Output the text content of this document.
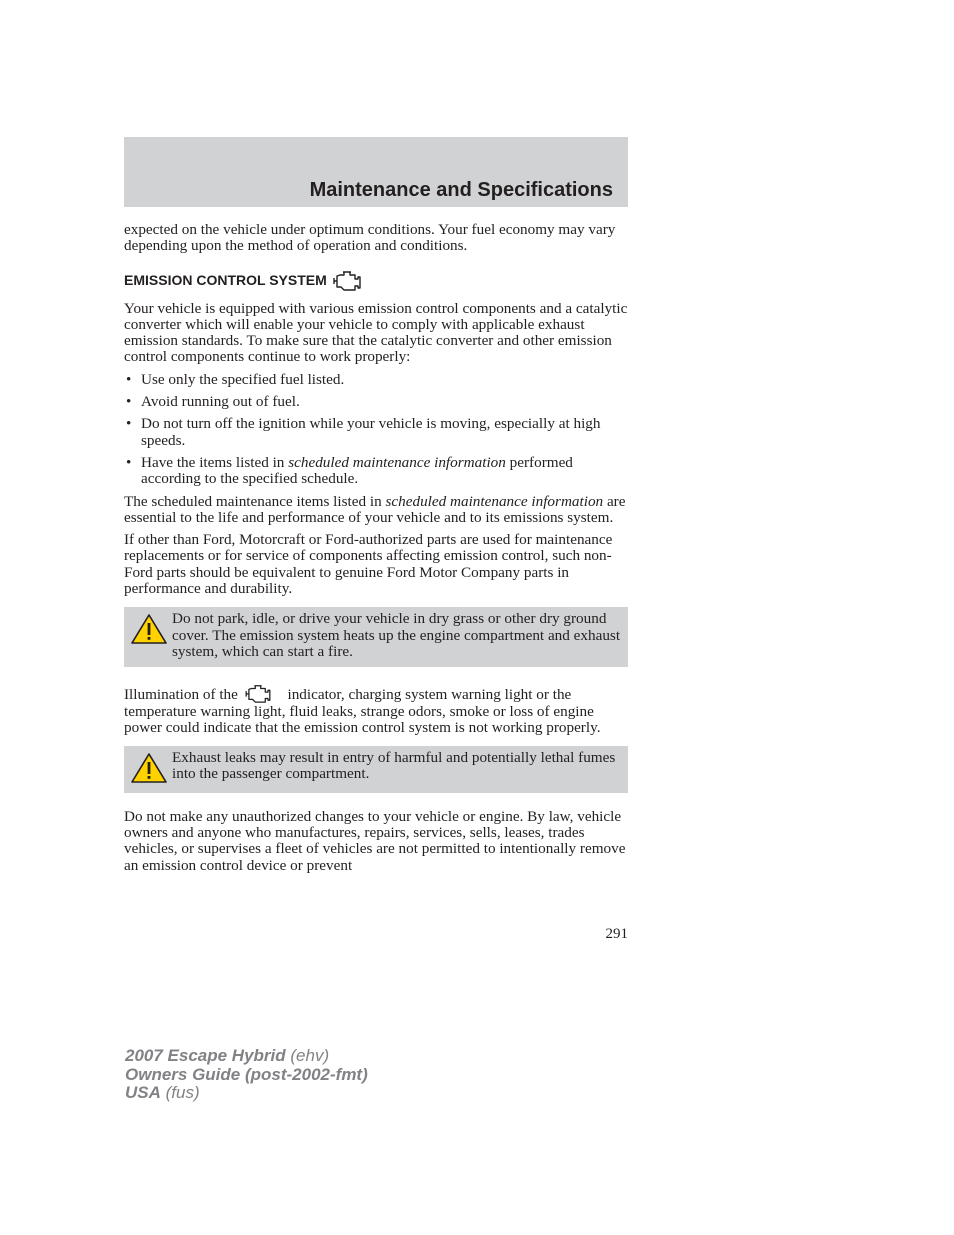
Maintenance and Specifications

expected on the vehicle under optimum conditions. Your fuel economy may vary depending upon the method of operation and conditions.

EMISSION CONTROL SYSTEM

Your vehicle is equipped with various emission control components and a catalytic converter which will enable your vehicle to comply with applicable exhaust emission standards. To make sure that the catalytic converter and other emission control components continue to work properly:

• Use only the specified fuel listed.
• Avoid running out of fuel.
• Do not turn off the ignition while your vehicle is moving, especially at high speeds.
• Have the items listed in scheduled maintenance information performed according to the specified schedule.

The scheduled maintenance items listed in scheduled maintenance information are essential to the life and performance of your vehicle and to its emissions system.

If other than Ford, Motorcraft or Ford-authorized parts are used for maintenance replacements or for service of components affecting emission control, such non-Ford parts should be equivalent to genuine Ford Motor Company parts in performance and durability.

Do not park, idle, or drive your vehicle in dry grass or other dry ground cover. The emission system heats up the engine compartment and exhaust system, which can start a fire.

Illumination of the	indicator, charging system warning light or the temperature warning light, fluid leaks, strange odors, smoke or loss of engine power could indicate that the emission control system is not working properly.

Exhaust leaks may result in entry of harmful and potentially lethal fumes into the passenger compartment.

Do not make any unauthorized changes to your vehicle or engine. By law, vehicle owners and anyone who manufactures, repairs, services, sells, leases, trades vehicles, or supervises a fleet of vehicles are not permitted to intentionally remove an emission control device or prevent

291
2007 Escape Hybrid (ehv)
Owners Guide (post-2002-fmt)
USA (fus)
